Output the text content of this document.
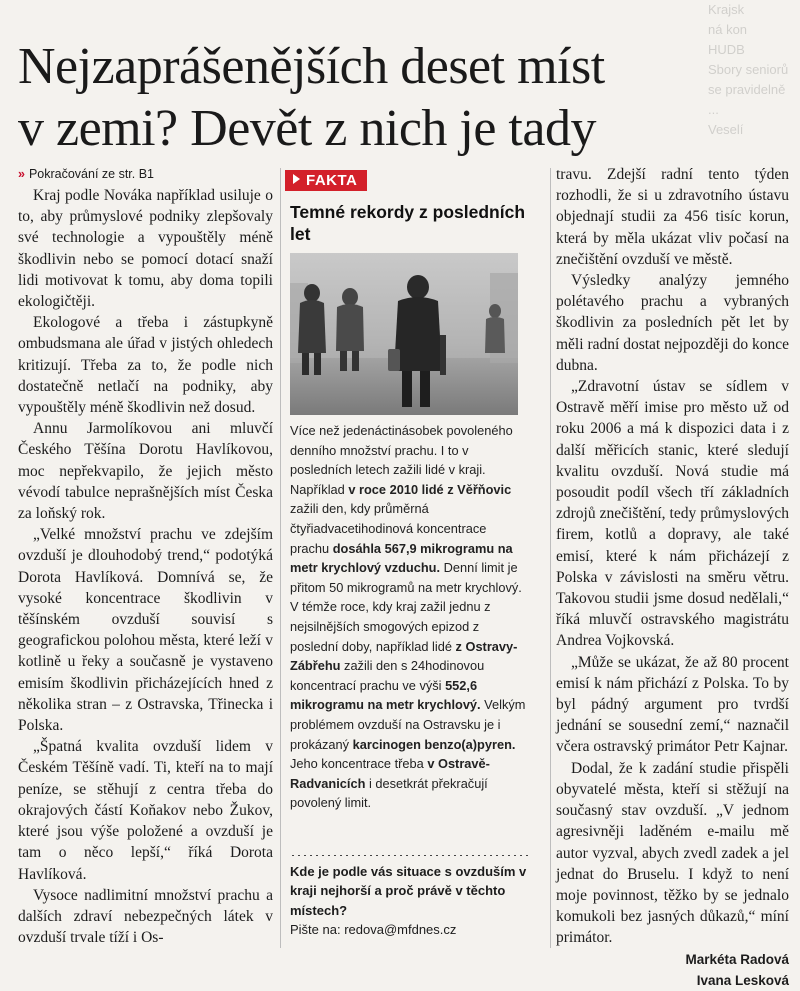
Krajsk
ná kon
HUDB
Sbory seniorů
se pravidelně
...
Veselí
Nejzaprášenějších deset míst
v zemi? Devět z nich je tady

» Pokračování ze str. B1

Kraj podle Nováka například usiluje o to, aby průmyslové podniky zlepšovaly své technologie a vypouštěly méně škodlivin nebo se pomocí dotací snaží lidi motivovat k tomu, aby doma topili ekologičtěji.

Ekologové a třeba i zástupkyně ombudsmana ale úřad v jistých ohledech kritizují. Třeba za to, že podle nich dostatečně netlačí na podniky, aby vypouštěly méně škodlivin než dosud.

Annu Jarmolíkovou ani mluvčí Českého Těšína Dorotu Havlíkovou, moc nepřekvapilo, že jejich město vévodí tabulce neprašnějších míst Česka za loňský rok.

„Velké množství prachu ve zdejším ovzduší je dlouhodobý trend,“ podotýká Dorota Havlíková. Domnívá se, že vysoké koncentrace škodlivin v těšínském ovzduší souvisí s geografickou polohou města, které leží v kotlině u řeky a současně je vystaveno emisím škodlivin přicházejících hned z několika stran – z Ostravska, Třinecka i Polska.

„Špatná kvalita ovzduší lidem v Českém Těšíně vadí. Ti, kteří na to mají peníze, se stěhují z centra třeba do okrajových částí Koňakov nebo Žukov, které jsou výše položené a ovzduší je tam o něco lepší,“ říká Dorota Havlíková.

Vysoce nadlimitní množství prachu a dalších zdraví nebezpečných látek v ovzduší trvale tíží i Os-

FAKTA
Temné rekordy z posledních let
Více než jedenáctinásobek povoleného denního množství prachu. I to v posledních letech zažili lidé v kraji. Například v roce 2010 lidé z Věřňovic zažili den, kdy průměrná čtyřiadvacetihodinová koncentrace prachu dosáhla 567,9 mikrogramu na metr krychlový vzduchu. Denní limit je přitom 50 mikrogramů na metr krychlový. V témže roce, kdy kraj zažil jednu z nejsilnějších smogových epizod z poslední doby, například lidé z Ostravy-Zábřehu zažili den s 24hodinovou koncentrací prachu ve výši 552,6 mikrogramu na metr krychlový. Velkým problémem ovzduší na Ostravsku je i prokázaný karcinogen benzo(a)pyren. Jeho koncentrace třeba v Ostravě-Radvanicích i desetkrát překračují povolený limit.
Kde je podle vás situace s ovzduším v kraji nejhorší a proč právě v těchto místech?
Pište na: redova@mfdnes.cz

travu. Zdejší radní tento týden rozhodli, že si u zdravotního ústavu objednají studii za 456 tisíc korun, která by měla ukázat vliv počasí na znečištění ovzduší ve městě.

Výsledky analýzy jemného polétavého prachu a vybraných škodlivin za posledních pět let by měli radní dostat nejpozději do konce dubna.

„Zdravotní ústav se sídlem v Ostravě měří imise pro město už od roku 2006 a má k dispozici data i z další měřicích stanic, které sledují kvalitu ovzduší. Nová studie má posoudit podíl všech tří základních zdrojů znečištění, tedy průmyslových firem, kotlů a dopravy, ale také emisí, které k nám přicházejí z Polska v závislosti na směru větru. Takovou studii jsme dosud nedělali,“ říká mluvčí ostravského magistrátu Andrea Vojkovská.

„Může se ukázat, že až 80 procent emisí k nám přichází z Polska. To by byl pádný argument pro tvrdší jednání se sousední zemí,“ naznačil včera ostravský primátor Petr Kajnar.

Dodal, že k zadání studie přispěli obyvatelé města, kteří si stěžují na současný stav ovzduší. „V jednom agresivněji laděném e-mailu mě autor vyzval, abych zvedl zadek a jel jednat do Bruselu. I když to není moje povinnost, těžko by se jednalo komukoli bez jasných důkazů,“ míní primátor.

Markéta Radová
Ivana Lesková
